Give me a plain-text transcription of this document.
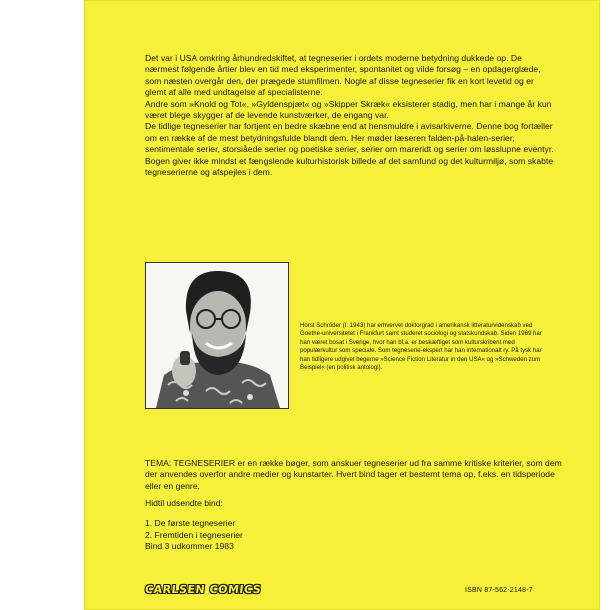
Det var i USA omkring århundredskiftet, at tegneserier i ordets moderne betydning dukkede op. De nærmest følgende årtier blev en tid med eksperimenter, spontanitet og vilde forsøg – en opdagerglæde, som næsten overgår den, der prægede stumfilmen. Nogle af disse tegneserier fik en kort levetid og er glemt af alle med undtagelse af specialisterne.

Andre som »Knold og Tot«, »Gyldenspjæt« og »Skipper Skræk« eksisterer stadig, men har i mange år kun været blege skygger af de levende kunstværker, de engang var.

De tidlige tegneserier har fortjent en bedre skæbne end at hensmuldre i avisarkiverne. Denne bog fortæller om en række af de mest betydningsfulde blandt dem. Her møder læseren falden-på-halen-serier, sentimentale serier, storsiåede serier og poetiske serier, serier om mareridt og serier om løsslupne eventyr.

Bogen giver ikke mindst et fængslende kulturhistorisk billede af det samfund og det kulturmiljø, som skabte tegneserierne og afspejles i dem.

Horst Schröder (f. 1943) har erhvervet doktorgrad i amerikansk litteraturvidenskab ved Goethe-universitetet i Frankfurt samt studeret sociologi og statskundskab. Siden 1969 har han været bosat i Sverige, hvor han bl.a. er beskæftiget som kulturskribent med populærkultur som speciale. Som tegneserie-ekspert har han internationalt ry. På tysk har han tidligere udgivet begerne »Science Fiction Literatur in den USA« og »Schweden zum Beispiel« (en politisk antologi).

TEMA: TEGNESERIER er en række bøger, som anskuer tegneserier ud fra samme kritiske kriterier, som dem der anvendes overfor andre medier og kunstarter. Hvert bind tager et bestemt tema op, f.eks. en tidsperiode eller en genre.

Hidtil udsendte bind:

1. De første tegneserier

2. Fremtiden i tegneserier

Bind 3 udkommer 1983

CARLSEN COMICS	ISBN 87-562-2148-7
